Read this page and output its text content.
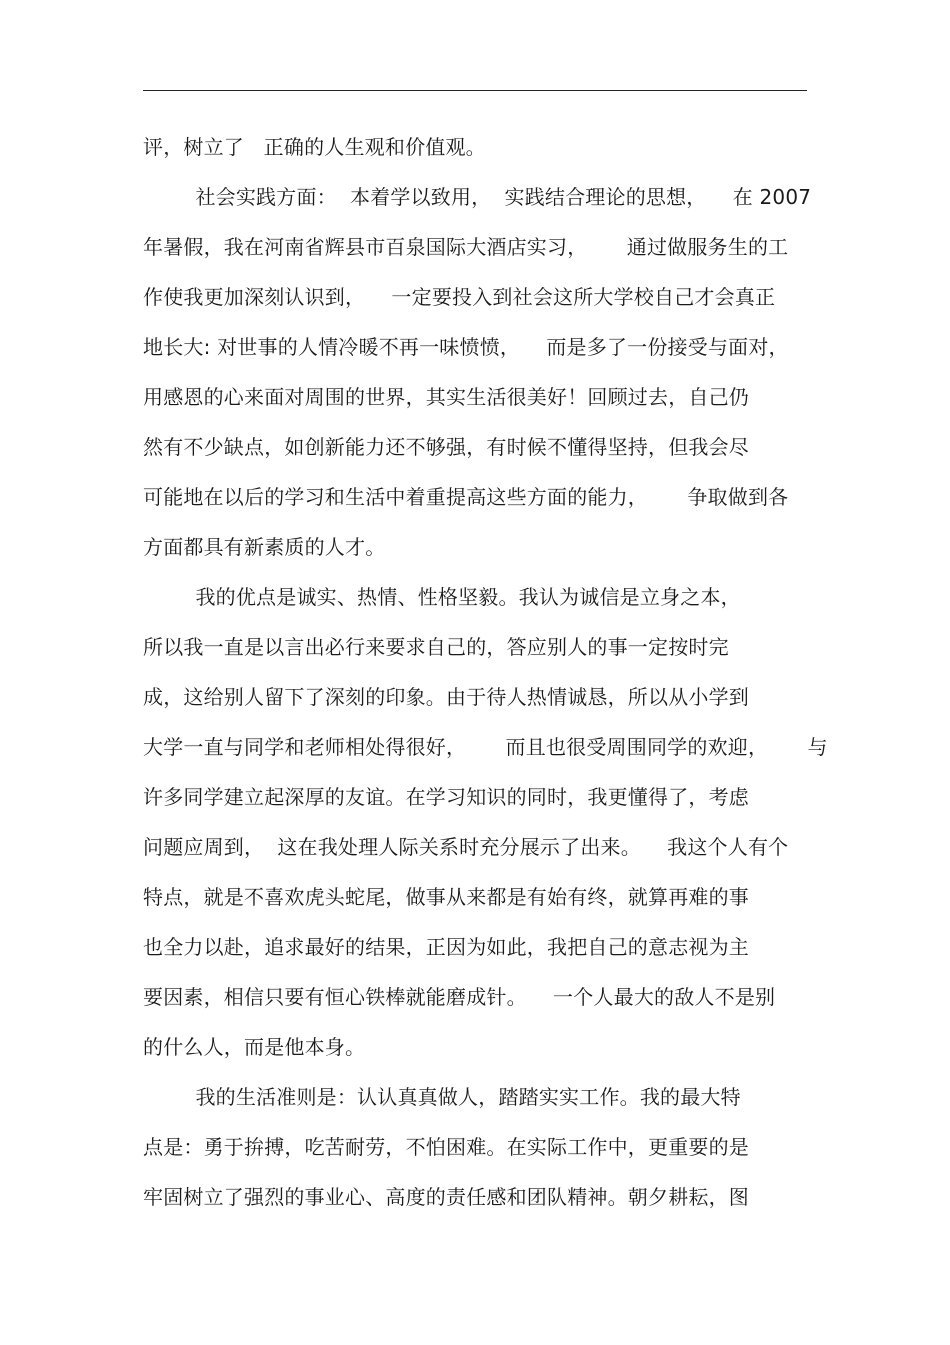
评，树立了   正确的人生观和价值观。
社会实践方面：  本着学以致用，  实践结合理论的思想，    在 2007
年暑假，我在河南省辉县市百泉国际大酒店实习，      通过做服务生的工
作使我更加深刻认识到，    一定要投入到社会这所大学校自己才会真正
地长大: 对世事的人情冷暖不再一味愤愤，    而是多了一份接受与面对，
用感恩的心来面对周围的世界，其实生活很美好！回顾过去，自己仍
然有不少缺点，如创新能力还不够强，有时候不懂得坚持，但我会尽
可能地在以后的学习和生活中着重提高这些方面的能力，      争取做到各
方面都具有新素质的人才。
我的优点是诚实、热情、性格坚毅。我认为诚信是立身之本，
所以我一直是以言出必行来要求自己的，答应别人的事一定按时完
成，这给别人留下了深刻的印象。由于待人热情诚恳，所以从小学到
大学一直与同学和老师相处得很好，      而且也很受周围同学的欢迎，      与
许多同学建立起深厚的友谊。在学习知识的同时，我更懂得了，考虑
问题应周到，  这在我处理人际关系时充分展示了出来。    我这个人有个
特点，就是不喜欢虎头蛇尾，做事从来都是有始有终，就算再难的事
也全力以赴，追求最好的结果，正因为如此，我把自己的意志视为主
要因素，相信只要有恒心铁棒就能磨成针。    一个人最大的敌人不是别
的什么人，而是他本身。
我的生活准则是：认认真真做人，踏踏实实工作。我的最大特
点是：勇于拚搏，吃苦耐劳，不怕困难。在实际工作中，更重要的是
牢固树立了强烈的事业心、高度的责任感和团队精神。朝夕耕耘，图
